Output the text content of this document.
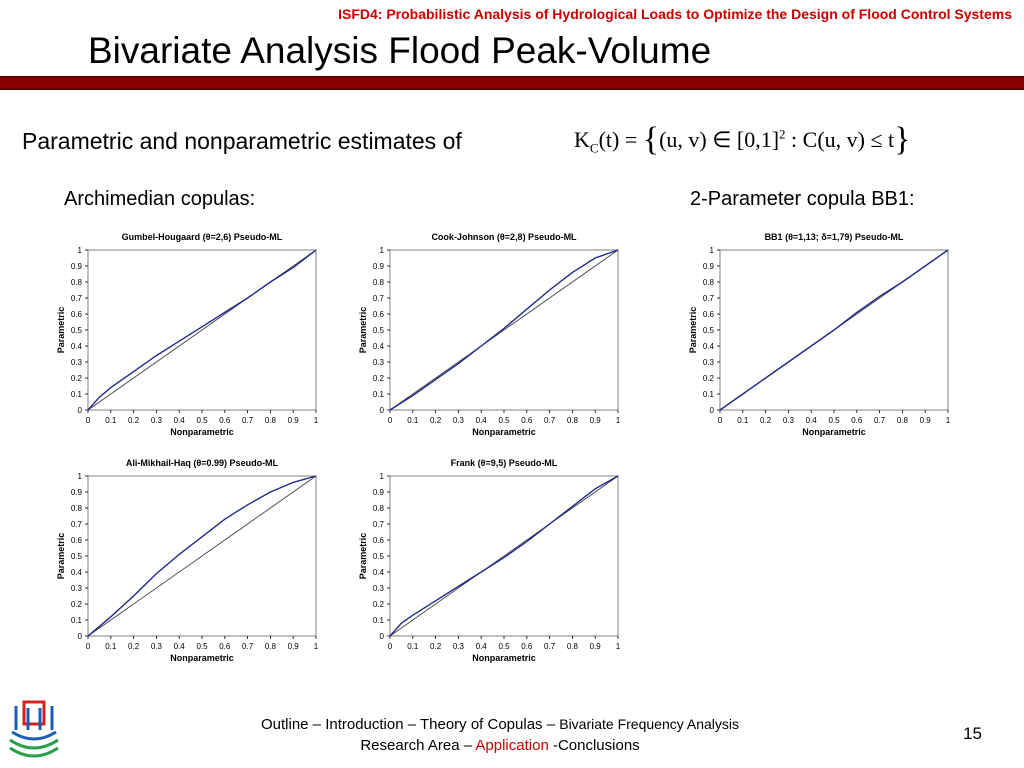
ISFD4: Probabilistic Analysis of Hydrological Loads to Optimize the Design of Flood Control Systems
Bivariate Analysis Flood Peak-Volume
Parametric and nonparametric estimates of	$K_C(t) = \{(u$, v) ∈ $[0,1]^2$ : C(u, v) ≤ t}
Archimedian copulas:	2-Parameter copula BB1:
Gumbel-Hougaard (θ=2,6) Pseudo-ML
0
0
0.1
0.1
0.2
0.2
0.3
0.3
0.4
0.4
0.5
0.5
0.6
0.6
0.7
0.7
0.8
0.8
0.9
0.9
1
1
Nonparametric
Parametric
Cook-Johnson (θ=2,8) Pseudo-ML
0
0
0.1
0.1
0.2
0.2
0.3
0.3
0.4
0.4
0.5
0.5
0.6
0.6
0.7
0.7
0.8
0.8
0.9
0.9
1
1
Nonparametric
Parametric
BB1 (θ=1,13; δ=1,79) Pseudo-ML
0
0
0.1
0.1
0.2
0.2
0.3
0.3
0.4
0.4
0.5
0.5
0.6
0.6
0.7
0.7
0.8
0.8
0.9
0.9
1
1
Nonparametric
Parametric
Ali-Mikhail-Haq (θ=0.99) Pseudo-ML
0
0
0.1
0.1
0.2
0.2
0.3
0.3
0.4
0.4
0.5
0.5
0.6
0.6
0.7
0.7
0.8
0.8
0.9
0.9
1
1
Nonparametric
Parametric
Frank (θ=9,5) Pseudo-ML
0
0
0.1
0.1
0.2
0.2
0.3
0.3
0.4
0.4
0.5
0.5
0.6
0.6
0.7
0.7
0.8
0.8
0.9
0.9
1
1
Nonparametric
Parametric
Outline – Introduction – Theory of Copulas – Bivariate Frequency Analysis
Research Area – Application -Conclusions
15
